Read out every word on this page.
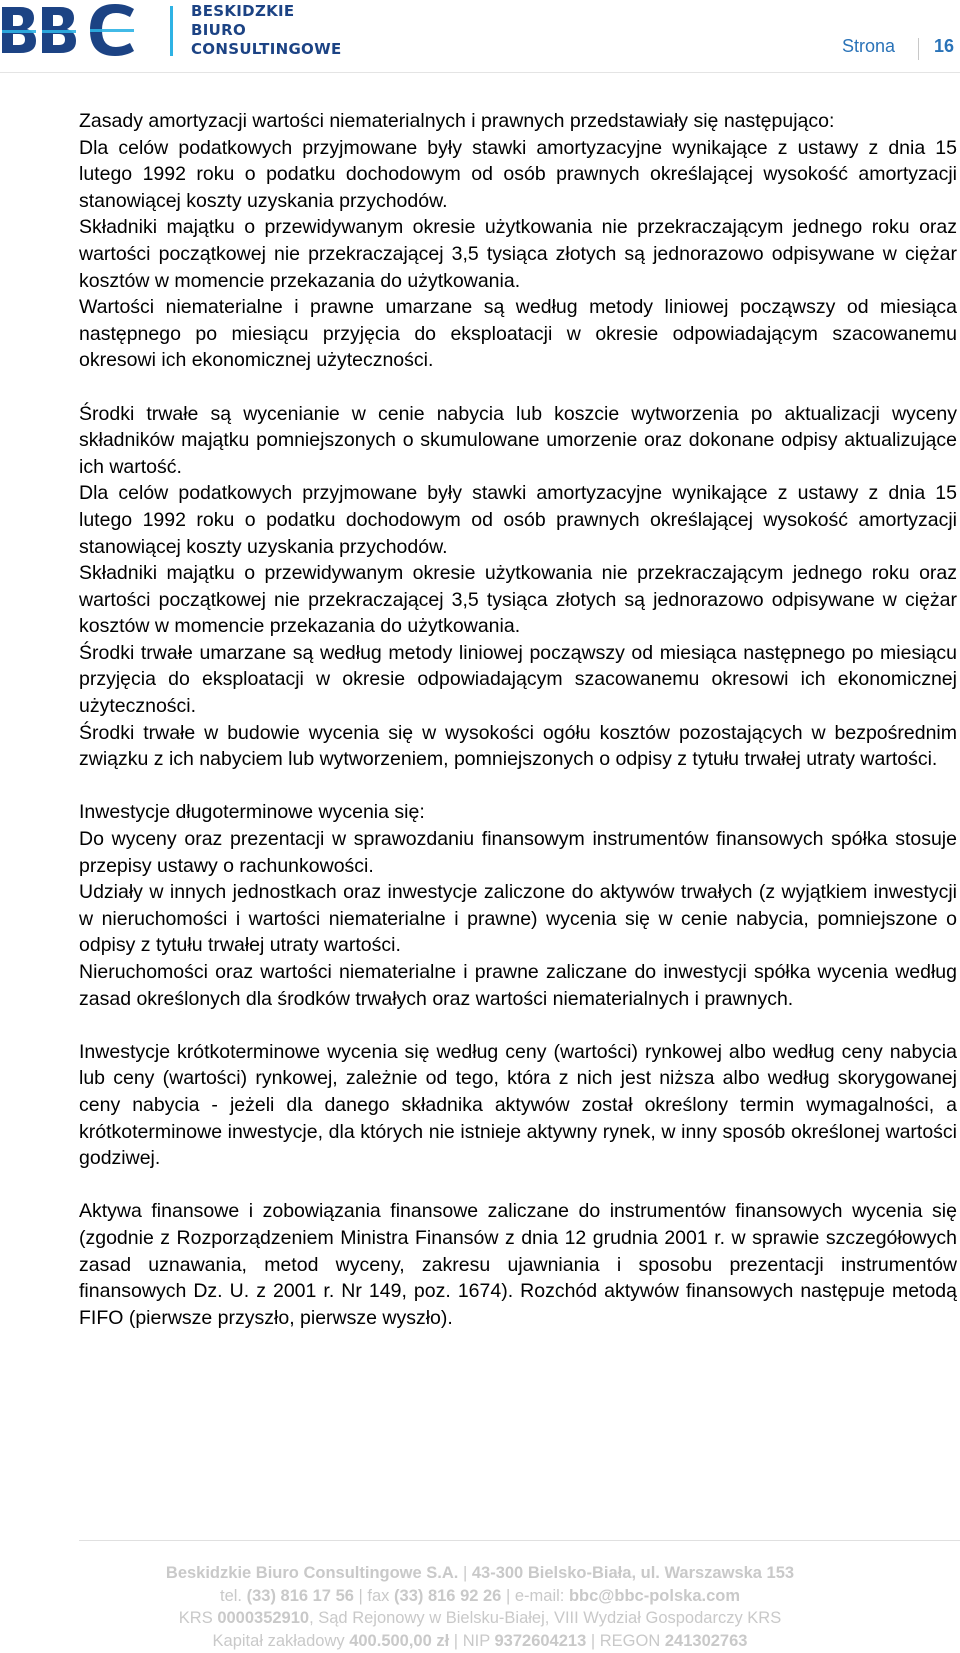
BESKIDZKIE
BIURO
CONSULTINGOWE	Strona 16

Zasady amortyzacji wartości niematerialnych i prawnych przedstawiały się następująco:

Dla celów podatkowych przyjmowane były stawki amortyzacyjne wynikające z ustawy z dnia 15 lutego 1992 roku o podatku dochodowym od osób prawnych określającej wysokość amortyzacji stanowiącej koszty uzyskania przychodów.

Składniki majątku o przewidywanym okresie użytkowania nie przekraczającym jednego roku oraz wartości początkowej nie przekraczającej 3,5 tysiąca złotych są jednorazowo odpisywane w ciężar kosztów w momencie przekazania do użytkowania.

Wartości niematerialne i prawne umarzane są według metody liniowej począwszy od miesiąca następnego po miesiącu przyjęcia do eksploatacji w okresie odpowiadającym szacowanemu okresowi ich ekonomicznej użyteczności.

Środki trwałe są wycenianie w cenie nabycia lub koszcie wytworzenia po aktualizacji wyceny składników majątku pomniejszonych o skumulowane umorzenie oraz dokonane odpisy aktualizujące ich wartość.

Dla celów podatkowych przyjmowane były stawki amortyzacyjne wynikające z ustawy z dnia 15 lutego 1992 roku o podatku dochodowym od osób prawnych określającej wysokość amortyzacji stanowiącej koszty uzyskania przychodów.

Składniki majątku o przewidywanym okresie użytkowania nie przekraczającym jednego roku oraz wartości początkowej nie przekraczającej 3,5 tysiąca złotych są jednorazowo odpisywane w ciężar kosztów w momencie przekazania do użytkowania.

Środki trwałe umarzane są według metody liniowej począwszy od miesiąca następnego po miesiącu przyjęcia do eksploatacji w okresie odpowiadającym szacowanemu okresowi ich ekonomicznej użyteczności.

Środki trwałe w budowie wycenia się w wysokości ogółu kosztów pozostających w bezpośrednim związku z ich nabyciem lub wytworzeniem, pomniejszonych o odpisy z tytułu trwałej utraty wartości.

Inwestycje długoterminowe wycenia się:

Do wyceny oraz prezentacji w sprawozdaniu finansowym instrumentów finansowych spółka stosuje przepisy ustawy o rachunkowości.

Udziały w innych jednostkach oraz inwestycje zaliczone do aktywów trwałych (z wyjątkiem inwestycji w nieruchomości i wartości niematerialne i prawne) wycenia się w cenie nabycia, pomniejszone o odpisy z tytułu trwałej utraty wartości.

Nieruchomości oraz wartości niematerialne i prawne zaliczane do inwestycji spółka wycenia według zasad określonych dla środków trwałych oraz wartości niematerialnych i prawnych.

Inwestycje krótkoterminowe wycenia się według ceny (wartości) rynkowej albo według ceny nabycia lub ceny (wartości) rynkowej, zależnie od tego, która z nich jest niższa albo według skorygowanej ceny nabycia - jeżeli dla danego składnika aktywów został określony termin wymagalności, a krótkoterminowe inwestycje, dla których nie istnieje aktywny rynek, w inny sposób określonej wartości godziwej.

Aktywa finansowe i zobowiązania finansowe zaliczane do instrumentów finansowych wycenia się (zgodnie z Rozporządzeniem Ministra Finansów z dnia 12 grudnia 2001 r. w sprawie szczegółowych zasad uznawania, metod wyceny, zakresu ujawniania i sposobu prezentacji instrumentów finansowych Dz. U. z 2001 r. Nr 149, poz. 1674). Rozchód aktywów finansowych następuje metodą FIFO (pierwsze przyszło, pierwsze wyszło).

Beskidzkie Biuro Consultingowe S.A. | 43-300 Bielsko-Biała, ul. Warszawska 153
tel. (33) 816 17 56 | fax (33) 816 92 26 | e-mail: bbc@bbc-polska.com
KRS 0000352910, Sąd Rejonowy w Bielsku-Białej, VIII Wydział Gospodarczy KRS
Kapitał zakładowy 400.500,00 zł | NIP 9372604213 | REGON 241302763
